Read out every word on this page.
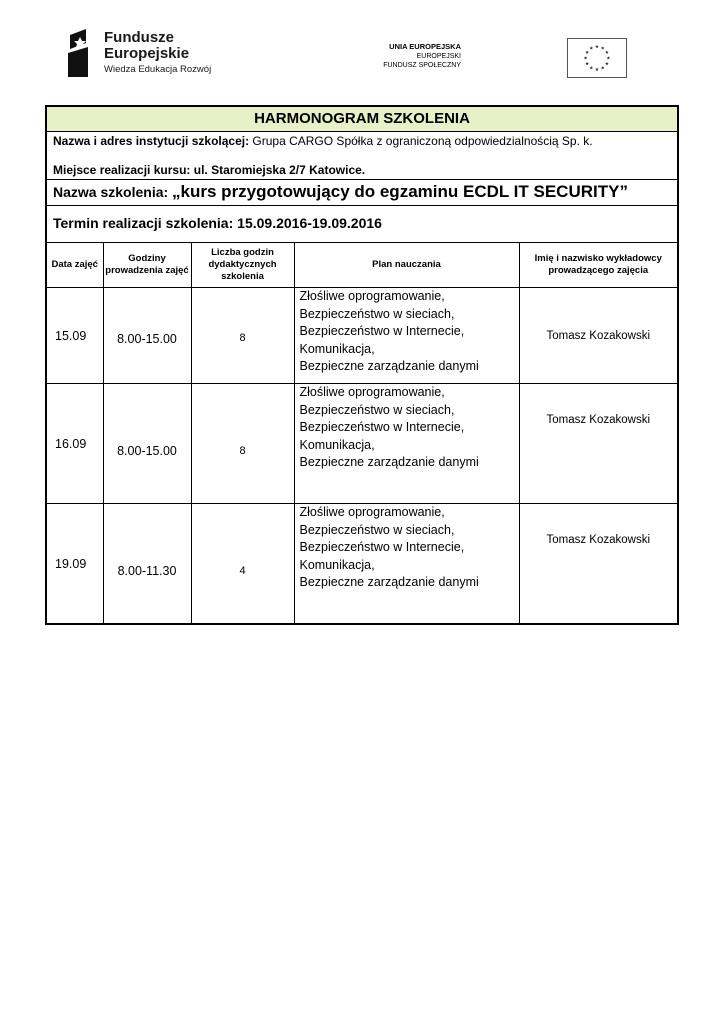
Fundusze
Europejskie
Wiedza Edukacja Rozwój
UNIA EUROPEJSKA
EUROPEJSKI
FUNDUSZ SPOŁECZNY
HARMONOGRAM SZKOLENIA
Nazwa i adres instytucji szkolącej: Grupa CARGO Spółka z ograniczoną odpowiedzialnością Sp. k.
Miejsce realizacji kursu: ul. Staromiejska 2/7 Katowice.
Nazwa szkolenia: „kurs przygotowujący do egzaminu ECDL IT SECURITY”
Termin realizacji szkolenia: 15.09.2016-19.09.2016
Data zajęć	Godziny prowadzenia zajęć	Liczba godzin dydaktycznych szkolenia	Plan nauczania	Imię i nazwisko wykładowcy prowadzącego zajęcia
15.09	8.00-15.00	8	Złośliwe oprogramowanie,
Bezpieczeństwo w sieciach,
Bezpieczeństwo w Internecie,
Komunikacja,
Bezpieczne zarządzanie danymi	Tomasz Kozakowski
16.09	8.00-15.00	8	Złośliwe oprogramowanie,
Bezpieczeństwo w sieciach,
Bezpieczeństwo w Internecie,
Komunikacja,
Bezpieczne zarządzanie danymi	Tomasz Kozakowski
19.09	8.00-11.30	4	Złośliwe oprogramowanie,
Bezpieczeństwo w sieciach,
Bezpieczeństwo w Internecie,
Komunikacja,
Bezpieczne zarządzanie danymi	Tomasz Kozakowski
